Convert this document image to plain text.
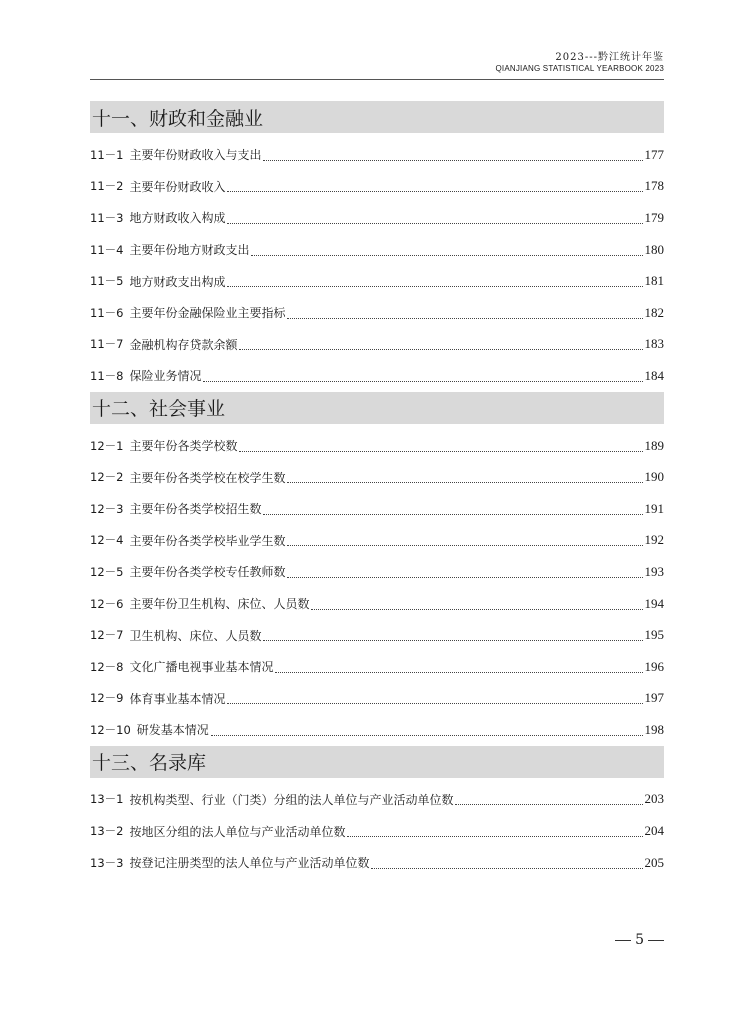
2023---黔江统计年鉴
QIANJIANG STATISTICAL YEARBOOK 2023
十一、财政和金融业
11－1 主要年份财政收入与支出	177
11－2 主要年份财政收入	178
11－3 地方财政收入构成	179
11－4 主要年份地方财政支出	180
11－5 地方财政支出构成	181
11－6 主要年份金融保险业主要指标	182
11－7 金融机构存贷款余额	183
11－8 保险业务情况	184
十二、社会事业
12－1 主要年份各类学校数	189
12－2 主要年份各类学校在校学生数	190
12－3 主要年份各类学校招生数	191
12－4 主要年份各类学校毕业学生数	192
12－5 主要年份各类学校专任教师数	193
12－6 主要年份卫生机构、床位、人员数	194
12－7 卫生机构、床位、人员数	195
12－8 文化广播电视事业基本情况	196
12－9 体育事业基本情况	197
12－10 研发基本情况	198
十三、名录库
13－1 按机构类型、行业（门类）分组的法人单位与产业活动单位数	203
13－2 按地区分组的法人单位与产业活动单位数	204
13－3 按登记注册类型的法人单位与产业活动单位数	205
5
